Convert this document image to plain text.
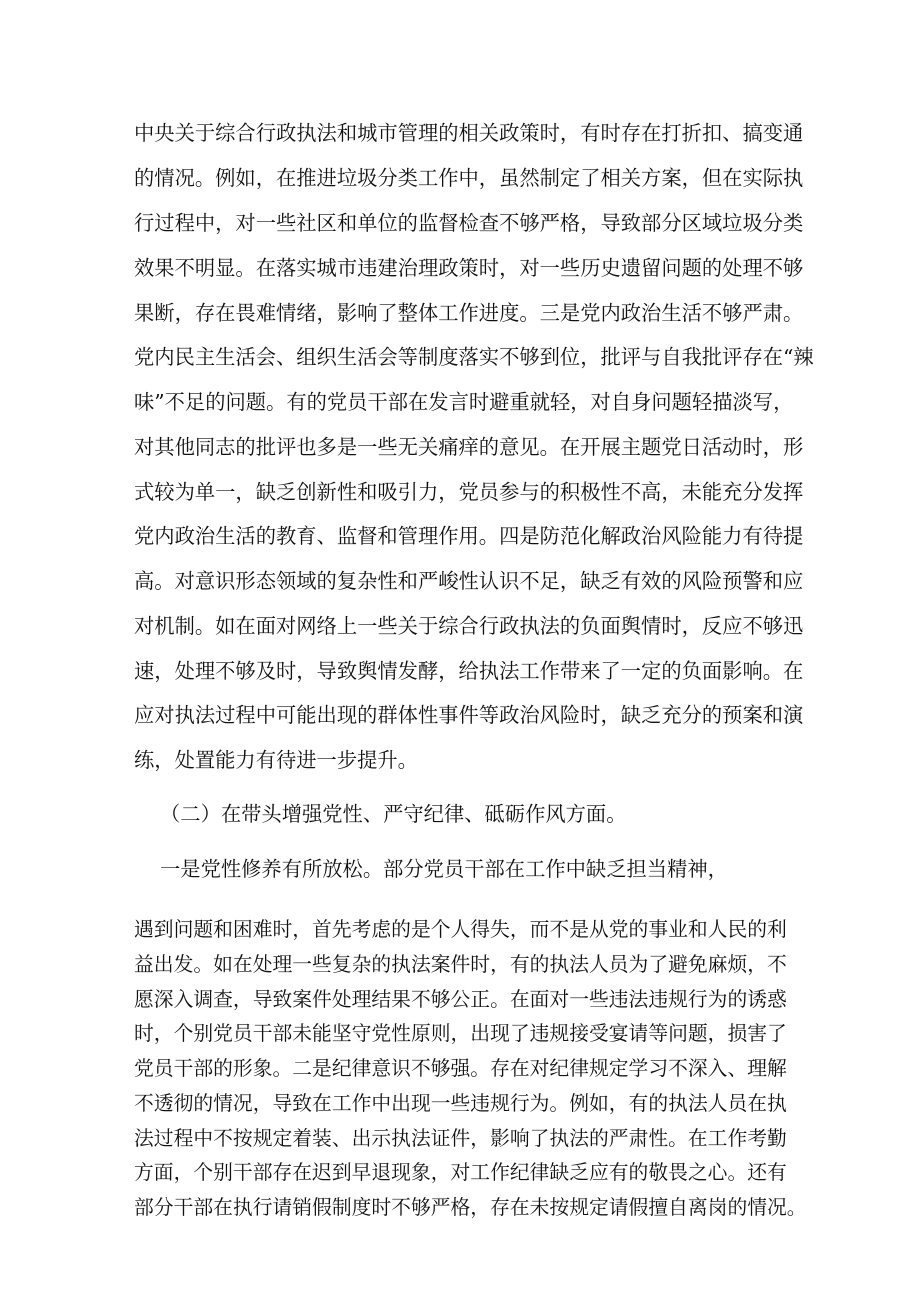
中央关于综合行政执法和城市管理的相关政策时，有时存在打折扣、搞变通
的情况。例如，在推进垃圾分类工作中，虽然制定了相关方案，但在实际执
行过程中，对一些社区和单位的监督检查不够严格，导致部分区域垃圾分类
效果不明显。在落实城市违建治理政策时，对一些历史遗留问题的处理不够
果断，存在畏难情绪，影响了整体工作进度。三是党内政治生活不够严肃。
党内民主生活会、组织生活会等制度落实不够到位，批评与自我批评存在“辣
味”不足的问题。有的党员干部在发言时避重就轻，对自身问题轻描淡写，
对其他同志的批评也多是一些无关痛痒的意见。在开展主题党日活动时，形
式较为单一，缺乏创新性和吸引力，党员参与的积极性不高，未能充分发挥
党内政治生活的教育、监督和管理作用。四是防范化解政治风险能力有待提
高。对意识形态领域的复杂性和严峻性认识不足，缺乏有效的风险预警和应
对机制。如在面对网络上一些关于综合行政执法的负面舆情时，反应不够迅
速，处理不够及时，导致舆情发酵，给执法工作带来了一定的负面影响。在
应对执法过程中可能出现的群体性事件等政治风险时，缺乏充分的预案和演
练，处置能力有待进一步提升。
（二）在带头增强党性、严守纪律、砥砺作风方面。
一是党性修养有所放松。部分党员干部在工作中缺乏担当精神，
遇到问题和困难时，首先考虑的是个人得失，而不是从党的事业和人民的利
益出发。如在处理一些复杂的执法案件时，有的执法人员为了避免麻烦，不
愿深入调查，导致案件处理结果不够公正。在面对一些违法违规行为的诱惑
时，个别党员干部未能坚守党性原则，出现了违规接受宴请等问题，损害了
党员干部的形象。二是纪律意识不够强。存在对纪律规定学习不深入、理解
不透彻的情况，导致在工作中出现一些违规行为。例如，有的执法人员在执
法过程中不按规定着装、出示执法证件，影响了执法的严肃性。在工作考勤
方面，个别干部存在迟到早退现象，对工作纪律缺乏应有的敬畏之心。还有
部分干部在执行请销假制度时不够严格，存在未按规定请假擅自离岗的情况。
